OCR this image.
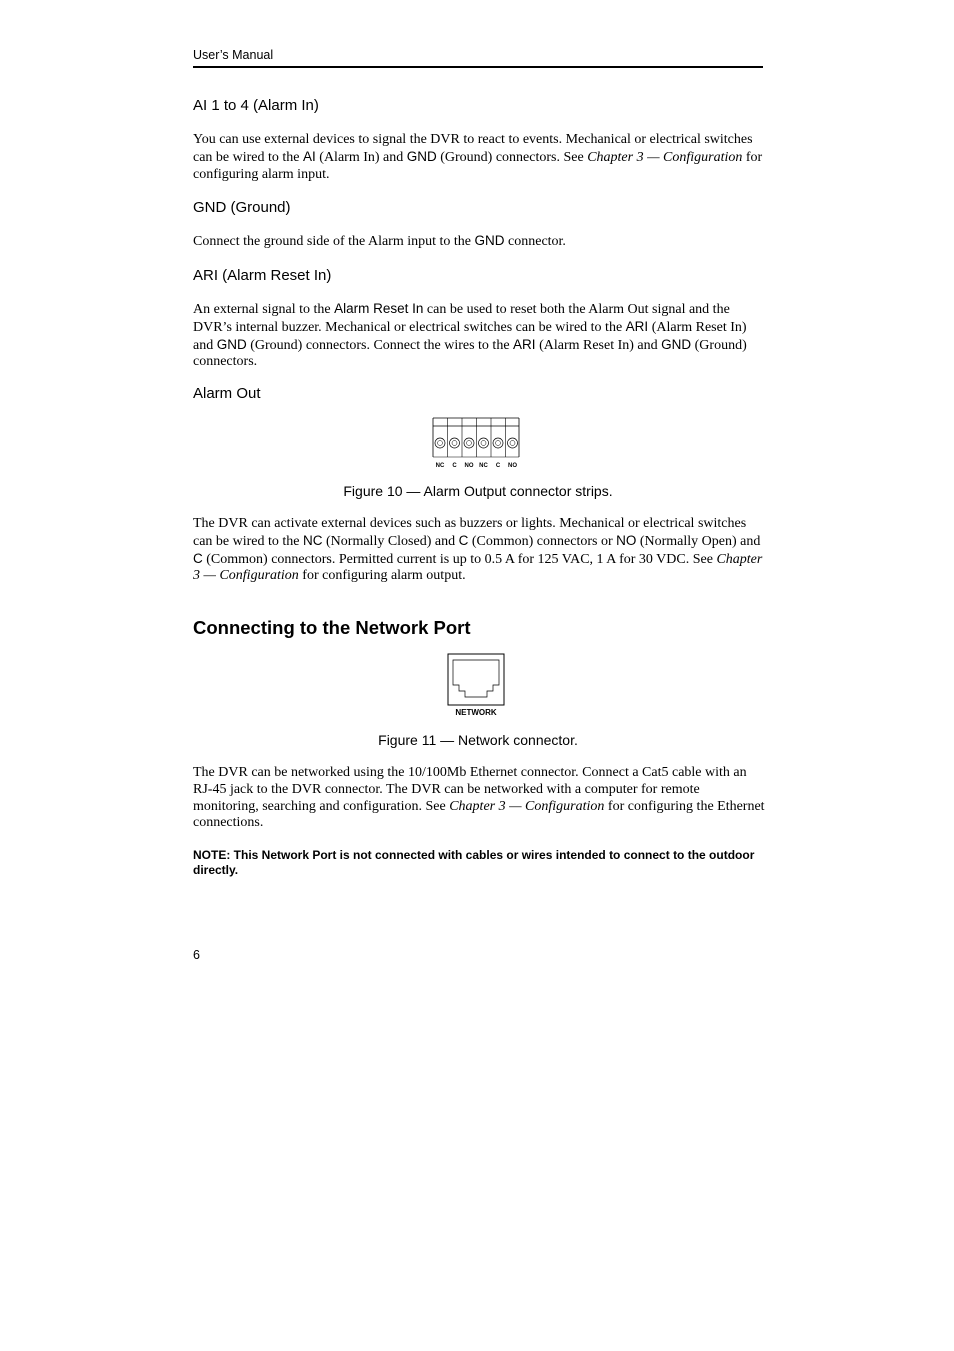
User’s Manual
AI 1 to 4 (Alarm In)

You can use external devices to signal the DVR to react to events. Mechanical or electrical switches can be wired to the AI (Alarm In) and GND (Ground) connectors. See Chapter 3 — Configuration for configuring alarm input.

GND (Ground)

Connect the ground side of the Alarm input to the GND connector.

ARI (Alarm Reset In)

An external signal to the Alarm Reset In can be used to reset both the Alarm Out signal and the DVR’s internal buzzer. Mechanical or electrical switches can be wired to the ARI (Alarm Reset In) and GND (Ground) connectors. Connect the wires to the ARI (Alarm Reset In) and GND (Ground) connectors.

Alarm Out
NC C NO NC C NO
Figure 10 — Alarm Output connector strips.

The DVR can activate external devices such as buzzers or lights. Mechanical or electrical switches can be wired to the NC (Normally Closed) and C (Common) connectors or NO (Normally Open) and C (Common) connectors. Permitted current is up to 0.5 A for 125 VAC, 1 A for 30 VDC. See Chapter 3 — Configuration for configuring alarm output.

Connecting to the Network Port
NETWORK
Figure 11 — Network connector.

The DVR can be networked using the 10/100Mb Ethernet connector. Connect a Cat5 cable with an RJ-45 jack to the DVR connector. The DVR can be networked with a computer for remote monitoring, searching and configuration. See Chapter 3 — Configuration for configuring the Ethernet connections.

NOTE: This Network Port is not connected with cables or wires intended to connect to the outdoor directly.

6
